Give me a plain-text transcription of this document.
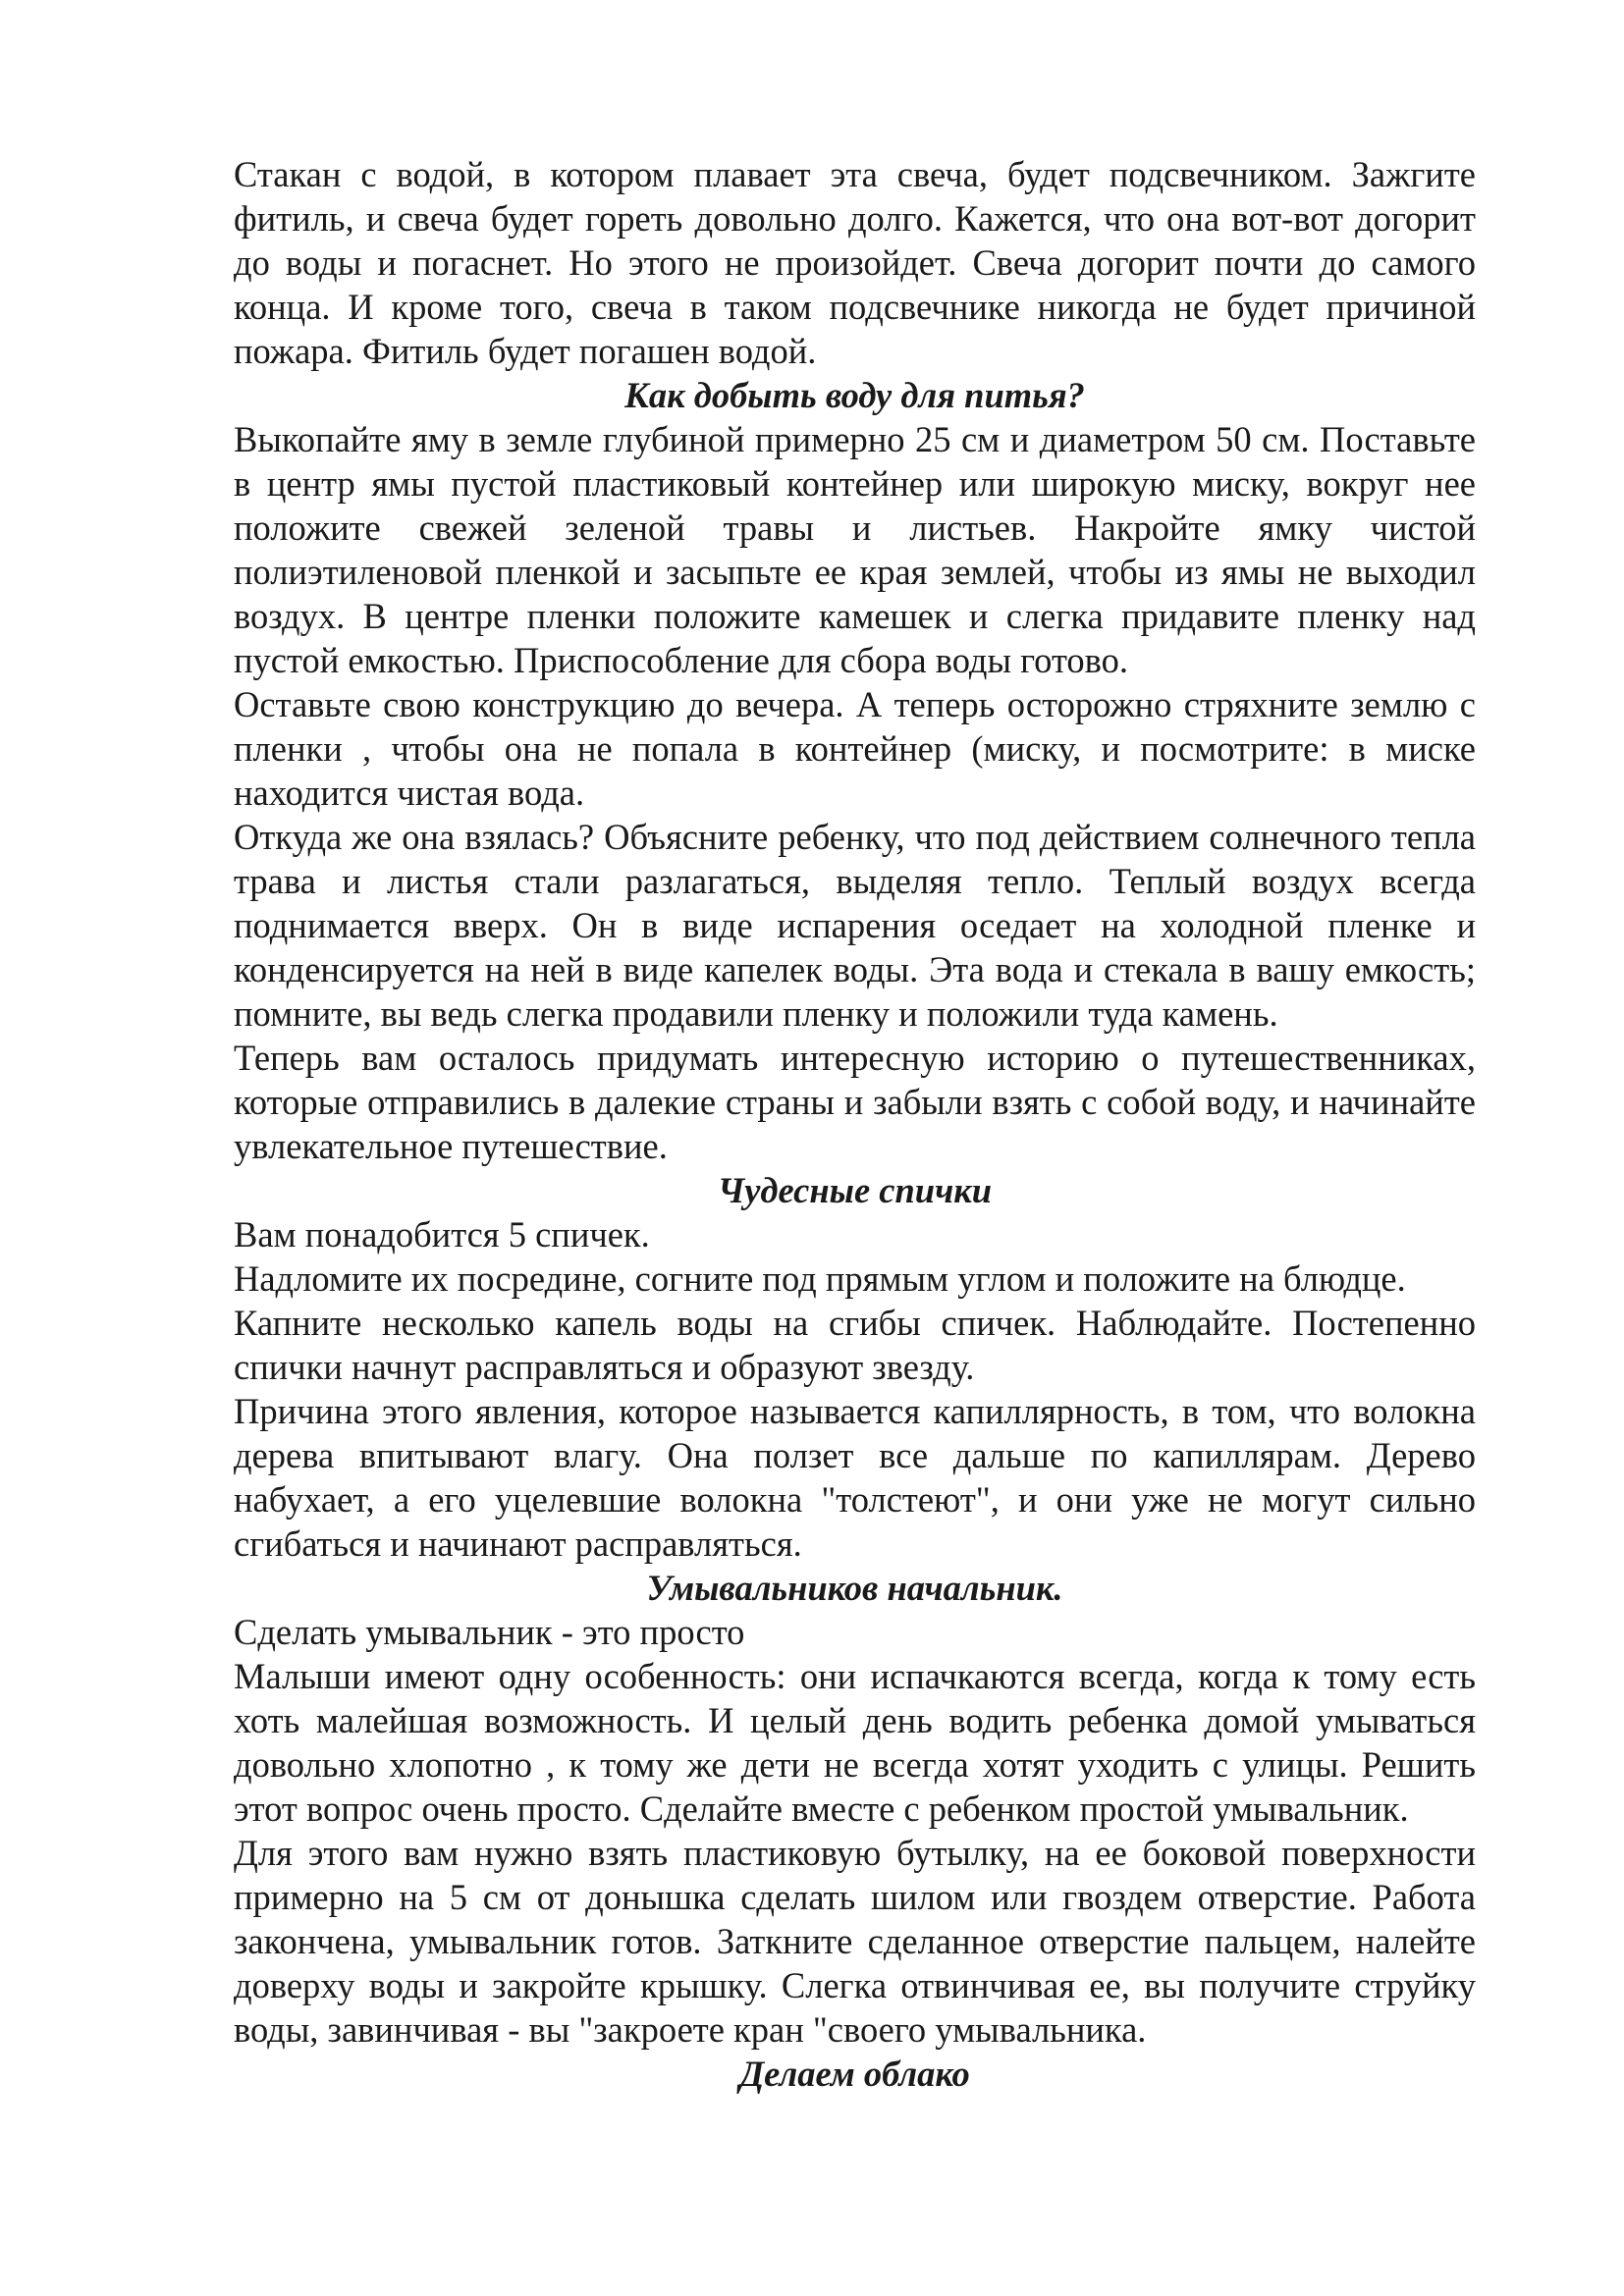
Стакан с водой, в котором плавает эта свеча, будет подсвечником. Зажгите фитиль, и свеча будет гореть довольно долго. Кажется, что она вот-вот догорит до воды и погаснет. Но этого не произойдет. Свеча догорит почти до самого конца. И кроме того, свеча в таком подсвечнике никогда не будет причиной пожара. Фитиль будет погашен водой.

Как добыть воду для питья?

Выкопайте яму в земле глубиной примерно 25 см и диаметром 50 см. Поставьте в центр ямы пустой пластиковый контейнер или широкую миску, вокруг нее положите свежей зеленой травы и листьев. Накройте ямку чистой полиэтиленовой пленкой и засыпьте ее края землей, чтобы из ямы не выходил воздух. В центре пленки положите камешек и слегка придавите пленку над пустой емкостью. Приспособление для сбора воды готово.

Оставьте свою конструкцию до вечера. А теперь осторожно стряхните землю с пленки , чтобы она не попала в контейнер (миску, и посмотрите: в миске находится чистая вода.

Откуда же она взялась? Объясните ребенку, что под действием солнечного тепла трава и листья стали разлагаться, выделяя тепло. Теплый воздух всегда поднимается вверх. Он в виде испарения оседает на холодной пленке и конденсируется на ней в виде капелек воды. Эта вода и стекала в вашу емкость; помните, вы ведь слегка продавили пленку и положили туда камень.

Теперь вам осталось придумать интересную историю о путешественниках, которые отправились в далекие страны и забыли взять с собой воду, и начинайте увлекательное путешествие.

Чудесные спички

Вам понадобится 5 спичек.

Надломите их посредине, согните под прямым углом и положите на блюдце.

Капните несколько капель воды на сгибы спичек. Наблюдайте. Постепенно спички начнут расправляться и образуют звезду.

Причина этого явления, которое называется капиллярность, в том, что волокна дерева впитывают влагу. Она ползет все дальше по капиллярам. Дерево набухает, а его уцелевшие волокна "толстеют", и они уже не могут сильно сгибаться и начинают расправляться.

Умывальников начальник.

Сделать умывальник - это просто

Малыши имеют одну особенность: они испачкаются всегда, когда к тому есть хоть малейшая возможность. И целый день водить ребенка домой умываться довольно хлопотно , к тому же дети не всегда хотят уходить с улицы. Решить этот вопрос очень просто. Сделайте вместе с ребенком простой умывальник.

Для этого вам нужно взять пластиковую бутылку, на ее боковой поверхности примерно на 5 см от донышка сделать шилом или гвоздем отверстие. Работа закончена, умывальник готов. Заткните сделанное отверстие пальцем, налейте доверху воды и закройте крышку. Слегка отвинчивая ее, вы получите струйку воды, завинчивая - вы "закроете кран "своего умывальника.

Делаем облако
